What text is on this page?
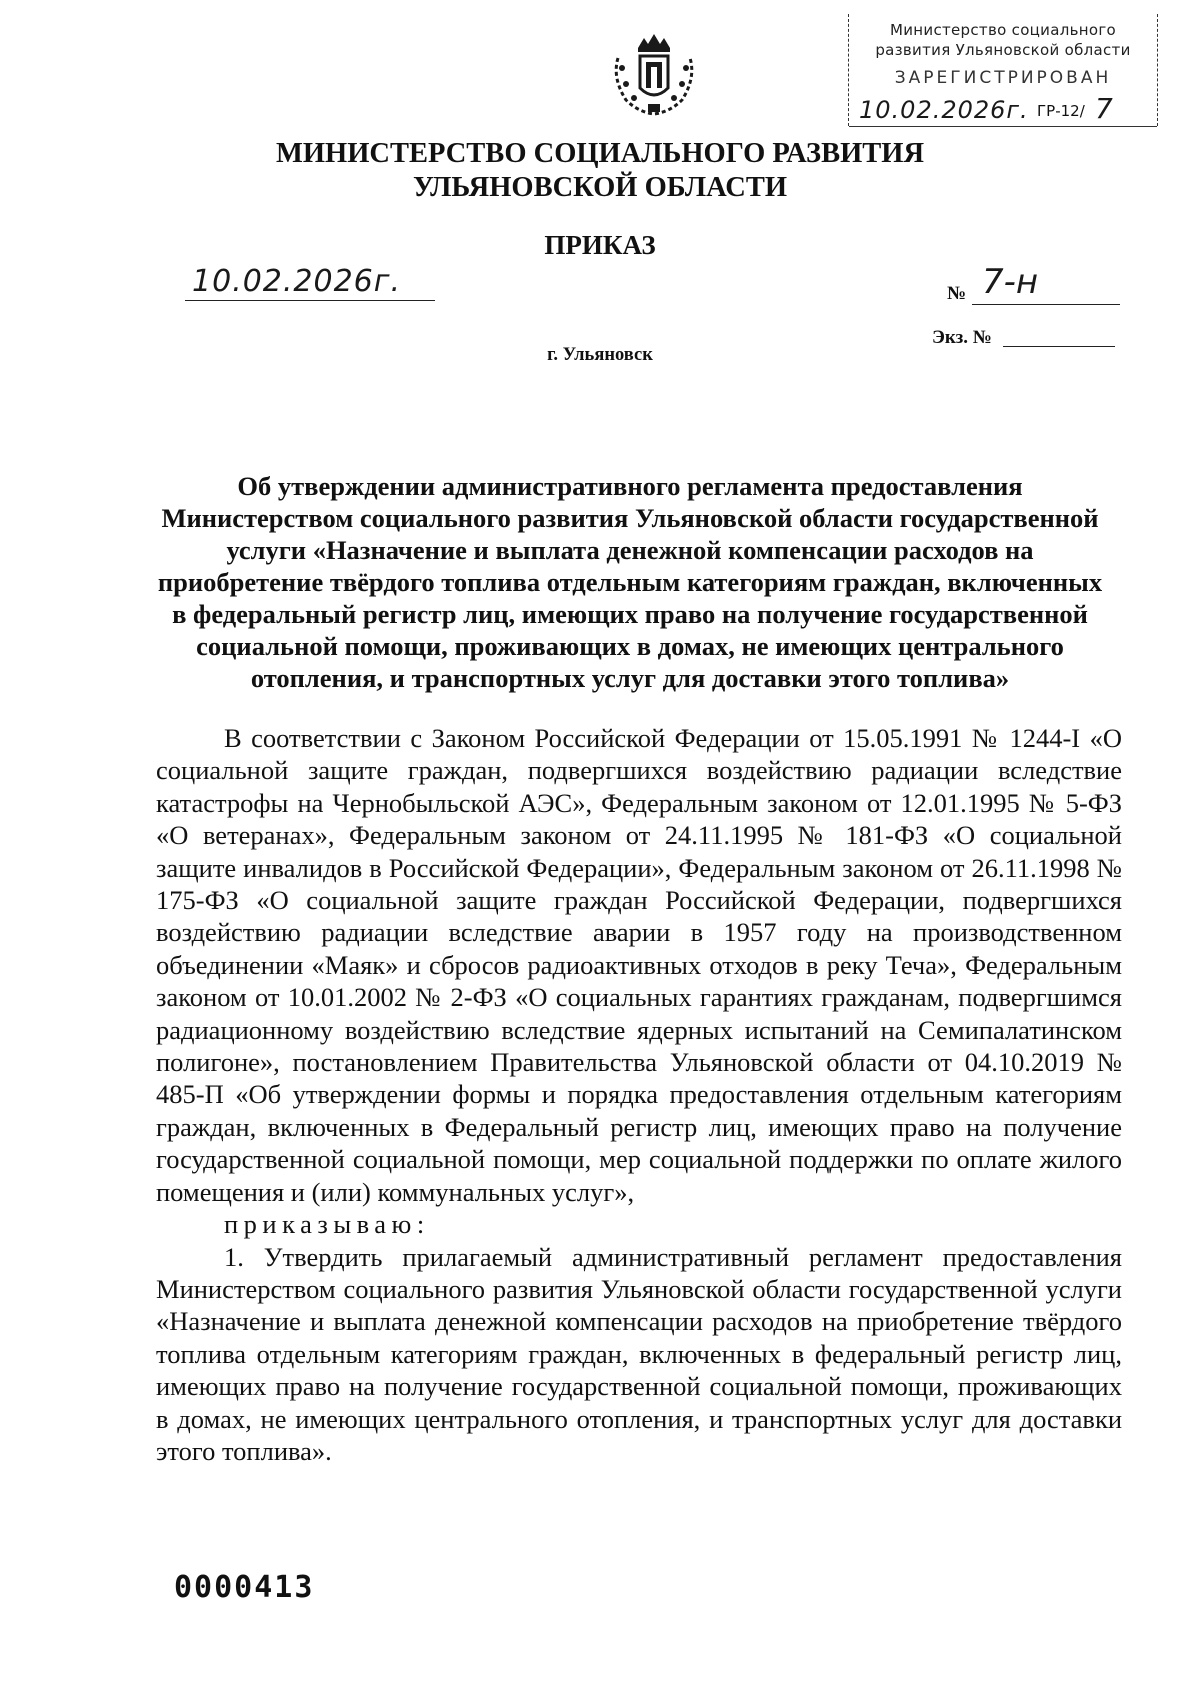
Министерство социального
развития Ульяновской области
ЗАРЕГИСТРИРОВАН
10.02.2026г. ГР-12/ 7
МИНИСТЕРСТВО СОЦИАЛЬНОГО РАЗВИТИЯ
УЛЬЯНОВСКОЙ ОБЛАСТИ
ПРИКАЗ
10.02.2026г.	№ 7-н
Экз. №
г. Ульяновск
Об утверждении административного регламента предоставления Министерством социального развития Ульяновской области государственной услуги «Назначение и выплата денежной компенсации расходов на приобретение твёрдого топлива отдельным категориям граждан, включенных в федеральный регистр лиц, имеющих право на получение государственной социальной помощи, проживающих в домах, не имеющих центрального отопления, и транспортных услуг для доставки этого топлива»

В соответствии с Законом Российской Федерации от 15.05.1991 № 1244-I «О социальной защите граждан, подвергшихся воздействию радиации вследствие катастрофы на Чернобыльской АЭС», Федеральным законом от 12.01.1995 № 5-ФЗ «О ветеранах», Федеральным законом от 24.11.1995 № 181-ФЗ «О социальной защите инвалидов в Российской Федерации», Федеральным законом от 26.11.1998 № 175-ФЗ «О социальной защите граждан Российской Федерации, подвергшихся воздействию радиации вследствие аварии в 1957 году на производственном объединении «Маяк» и сбросов радиоактивных отходов в реку Теча», Федеральным законом от 10.01.2002 № 2-ФЗ «О социальных гарантиях гражданам, подвергшимся радиационному воздействию вследствие ядерных испытаний на Семипалатинском полигоне», постановлением Правительства Ульяновской области от 04.10.2019 № 485-П «Об утверждении формы и порядка предоставления отдельным категориям граждан, включенных в Федеральный регистр лиц, имеющих право на получение государственной социальной помощи, мер социальной поддержки по оплате жилого помещения и (или) коммунальных услуг»,

приказываю:

1. Утвердить прилагаемый административный регламент предоставления Министерством социального развития Ульяновской области государственной услуги «Назначение и выплата денежной компенсации расходов на приобретение твёрдого топлива отдельным категориям граждан, включенных в федеральный регистр лиц, имеющих право на получение государственной социальной помощи, проживающих в домах, не имеющих центрального отопления, и транспортных услуг для доставки этого топлива».

0000413
